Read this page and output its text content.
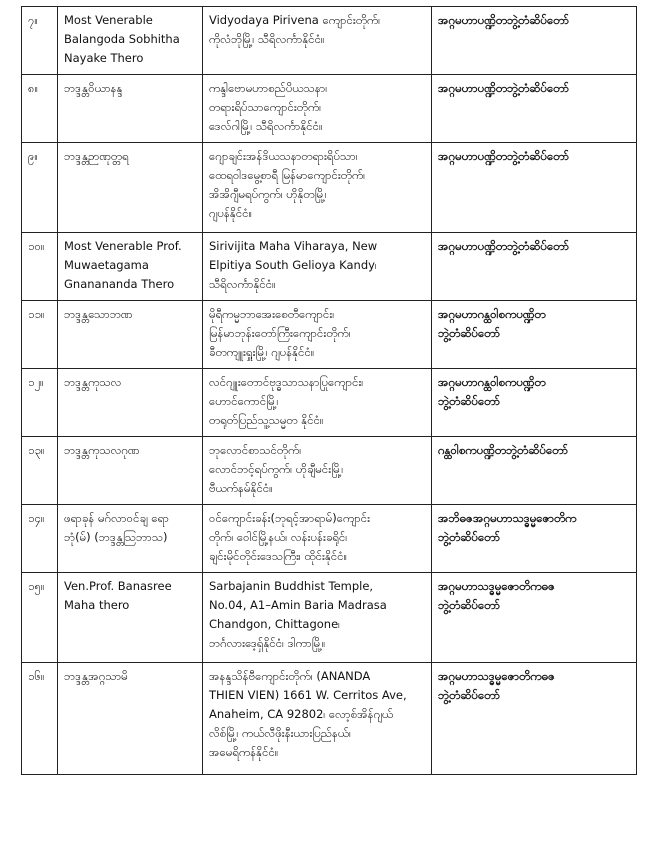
၇။	Most Venerable
Balangoda Sobhitha
Nayake Thero	Vidyodaya Pirivena ကျောင်းတိုက်၊
ကိုလံဘိုမြို့၊ သီရိလင်္ကာနိုင်ငံ။	အဂ္ဂမဟာပဏ္ဍိတဘွဲ့တံဆိပ်တော်

၈။	ဘဒ္ဒန္တဝိယာနန္ဒ	ကန္ဒါဗောမဟာစည်ပိယသနာ၊
တရားရိပ်သာကျောင်းတိုက်၊
ဒေလ်ဂါမြို့၊ သီရိလင်္ကာနိုင်ငံ။	အဂ္ဂမဟာပဏ္ဍိတဘွဲ့တံဆိပ်တော်

၉။	ဘဒ္ဒန္တဉာဏုတ္တရ	ဂျောချင်းအန်ဒိယသနာတရားရိပ်သာ၊
ထေရဝါဒမွေ့စာရီ မြန်မာကျောင်းတိုက်၊
အိအိဂျီမရပ်ကွက်၊ ဟိုနိုတမြို့၊
ဂျပန်နိုင်ငံ။	အဂ္ဂမဟာပဏ္ဍိတဘွဲ့တံဆိပ်တော်

၁၀။	Most Venerable Prof.
Muwaetagama
Gnanananda Thero	Sirivijita Maha Viharaya, New
Elpitiya South Gelioya Kandy၊
သီရိလင်္ကာနိုင်ငံ။	အဂ္ဂမဟာပဏ္ဍိတဘွဲ့တံဆိပ်တော်

၁၁။	ဘဒ္ဒန္တသောဘဏ	မိုရီကမ္မဘာအေးစေတီကျောင်း၊
မြန်မာဘုန်းတော်ကြီးကျောင်းတိုက်၊
ခီတကျူးရှူးမြို့၊ ဂျပန်နိုင်ငံ။	အဂ္ဂမဟာဂန္ထဝါစကပဏ္ဍိတ
ဘွဲ့တံဆိပ်တော်

၁၂။	ဘဒ္ဒန္တကုသလ	လင်ဂျူးတောင်ဗုဒ္ဓသာသနာပြုကျောင်း၊
ဟောင်ကောင်မြို့၊
တရုတ်ပြည်သူ့သမ္မတ နိုင်ငံ။	အဂ္ဂမဟာဂန္ထဝါစကပဏ္ဍိတ
ဘွဲ့တံဆိပ်တော်

၁၃။	ဘဒ္ဒန္တကုသလဂုဏ	ဘုလောင်စာသင်တိုက်၊
လောင်ဘင့်ရပ်ကွက်၊ ဟိုချီမင်းမြို့၊
ဗီယက်နမ်နိုင်ငံ။	ဂန္ထဝါစကပဏ္ဍိတဘွဲ့တံဆိပ်တော်

၁၄။	ဖရာခုန် မဂ်လာဝင်ချ ရော
ဘုံ(မ်) (ဘဒ္ဒန္တသြဘာသ)	ဝင်ကျောင်းခန်း(ဘုရင့်အာရာမ်)ကျောင်း
တိုက်၊ ဝေါင်မြို့နယ်၊ လန်းပန်းခရိုင်၊
ချင်းမိုင်တိုင်းဒေသကြီး၊ ထိုင်းနိုင်ငံ။	အဘိဓဇအဂ္ဂမဟာသဒ္ဓမ္မဇောတိက
ဘွဲ့တံဆိပ်တော်

၁၅။	Ven.Prof. Banasree
Maha thero	Sarbajanin Buddhist Temple,
No.04, A1–Amin Baria Madrasa
Chandgon, Chittagone၊
ဘင်္ဂလားဒေ့ရှ်နိုင်ငံ၊ ဒါကာမြို့။	အဂ္ဂမဟာသဒ္ဓမ္မဇောတိကဓဇ
ဘွဲ့တံဆိပ်တော်

၁၆။	ဘဒ္ဒန္တအဂ္ဂသာမိ	အနန္ဒသိန်ဗီကျောင်းတိုက်၊ (ANANDA
THIEN VIEN) 1661 W. Cerritos Ave,
Anaheim, CA 92802၊ လော့စ်အိန်ဂျယ်
လိစ်မြို့၊ ကယ်လီဖိုးနီးယားပြည်နယ်၊
အမေရိကန်နိုင်ငံ။	အဂ္ဂမဟာသဒ္ဓမ္မဇောတိကဓဇ
ဘွဲ့တံဆိပ်တော်
